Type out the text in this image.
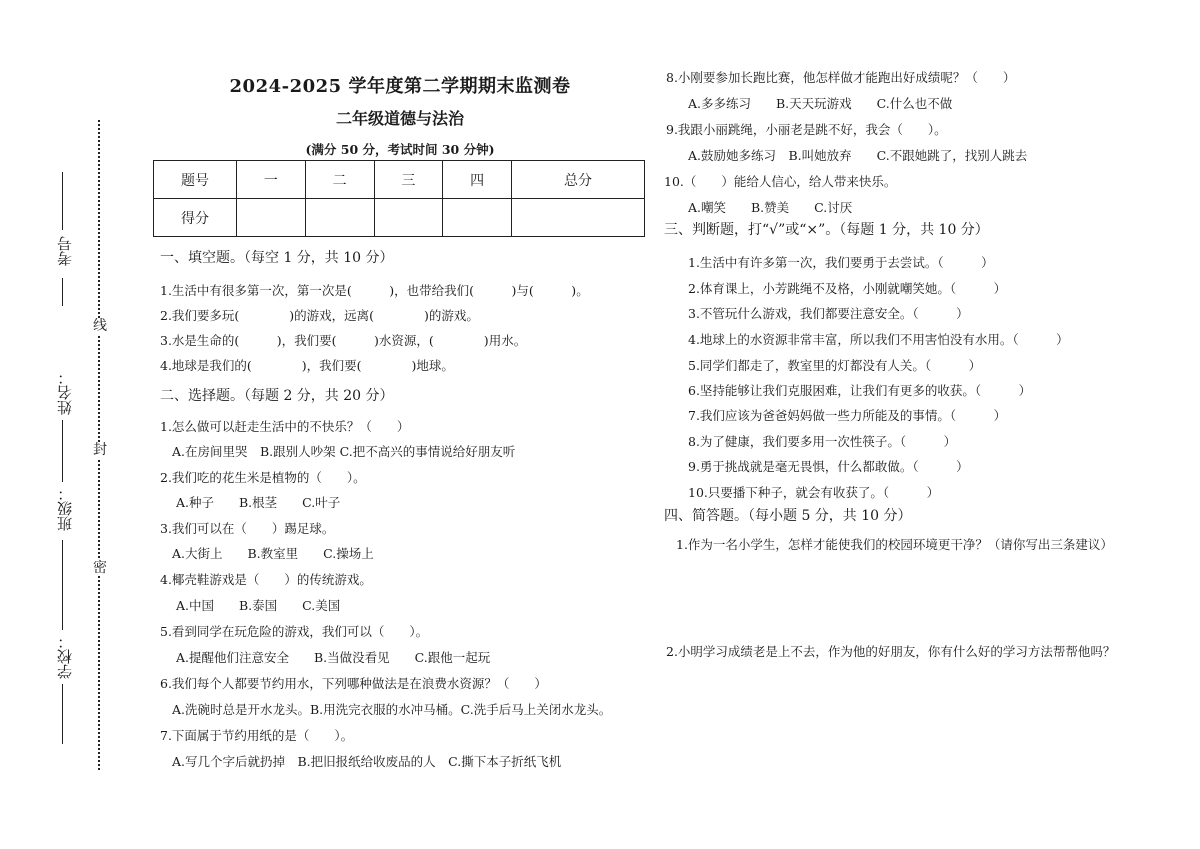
线
封
密
考号
姓名：
班级：
学校：
2024-2025 学年度第二学期期末监测卷
二年级道德与法治
(满分 50 分，考试时间 30 分钟)
题号	一	二	三	四	总分
得分					
一、填空题。（每空 1 分，共 10 分）
1.生活中有很多第一次，第一次是(　　　)，也带给我们(　　　)与(　　　)。
2.我们要多玩(　　　　)的游戏，远离(　　　　)的游戏。
3.水是生命的(　　　)，我们要(　　　)水资源，(　　　　)用水。
4.地球是我们的(　　　　)，我们要(　　　　)地球。
二、选择题。（每题 2 分，共 20 分）
1.怎么做可以赶走生活中的不快乐？（　　）
A.在房间里哭　B.跟别人吵架 C.把不高兴的事情说给好朋友听
2.我们吃的花生米是植物的（　　）。
A.种子　　B.根茎　　C.叶子
3.我们可以在（　　）踢足球。
A.大街上　　B.教室里　　C.操场上
4.椰壳鞋游戏是（　　）的传统游戏。
A.中国　　B.泰国　　C.美国
5.看到同学在玩危险的游戏，我们可以（　　）。
A.提醒他们注意安全　　B.当做没看见　　C.跟他一起玩
6.我们每个人都要节约用水，下列哪种做法是在浪费水资源？（　　）
A.洗碗时总是开水龙头。B.用洗完衣服的水冲马桶。C.洗手后马上关闭水龙头。
7.下面属于节约用纸的是（　　）。
A.写几个字后就扔掉　B.把旧报纸给收废品的人　C.撕下本子折纸飞机
8.小刚要参加长跑比赛，他怎样做才能跑出好成绩呢？（　　）
A.多多练习　　B.天天玩游戏　　C.什么也不做
9.我跟小丽跳绳，小丽老是跳不好，我会（　　）。
A.鼓励她多练习　B.叫她放弃　　C.不跟她跳了，找别人跳去
10.（　　）能给人信心，给人带来快乐。
A.嘲笑　　B.赞美　　C.讨厌
三、判断题，打“√”或“×”。（每题 1 分，共 10 分）
1.生活中有许多第一次，我们要勇于去尝试。（　　　）
2.体育课上，小芳跳绳不及格，小刚就嘲笑她。（　　　）
3.不管玩什么游戏，我们都要注意安全。（　　　）
4.地球上的水资源非常丰富，所以我们不用害怕没有水用。（　　　）
5.同学们都走了，教室里的灯都没有人关。（　　　）
6.坚持能够让我们克服困难，让我们有更多的收获。（　　　）
7.我们应该为爸爸妈妈做一些力所能及的事情。（　　　）
8.为了健康，我们要多用一次性筷子。（　　　）
9.勇于挑战就是毫无畏惧，什么都敢做。（　　　）
10.只要播下种子，就会有收获了。（　　　）
四、简答题。（每小题 5 分，共 10 分）
1.作为一名小学生，怎样才能使我们的校园环境更干净？（请你写出三条建议）
2.小明学习成绩老是上不去，作为他的好朋友，你有什么好的学习方法帮帮他吗？
